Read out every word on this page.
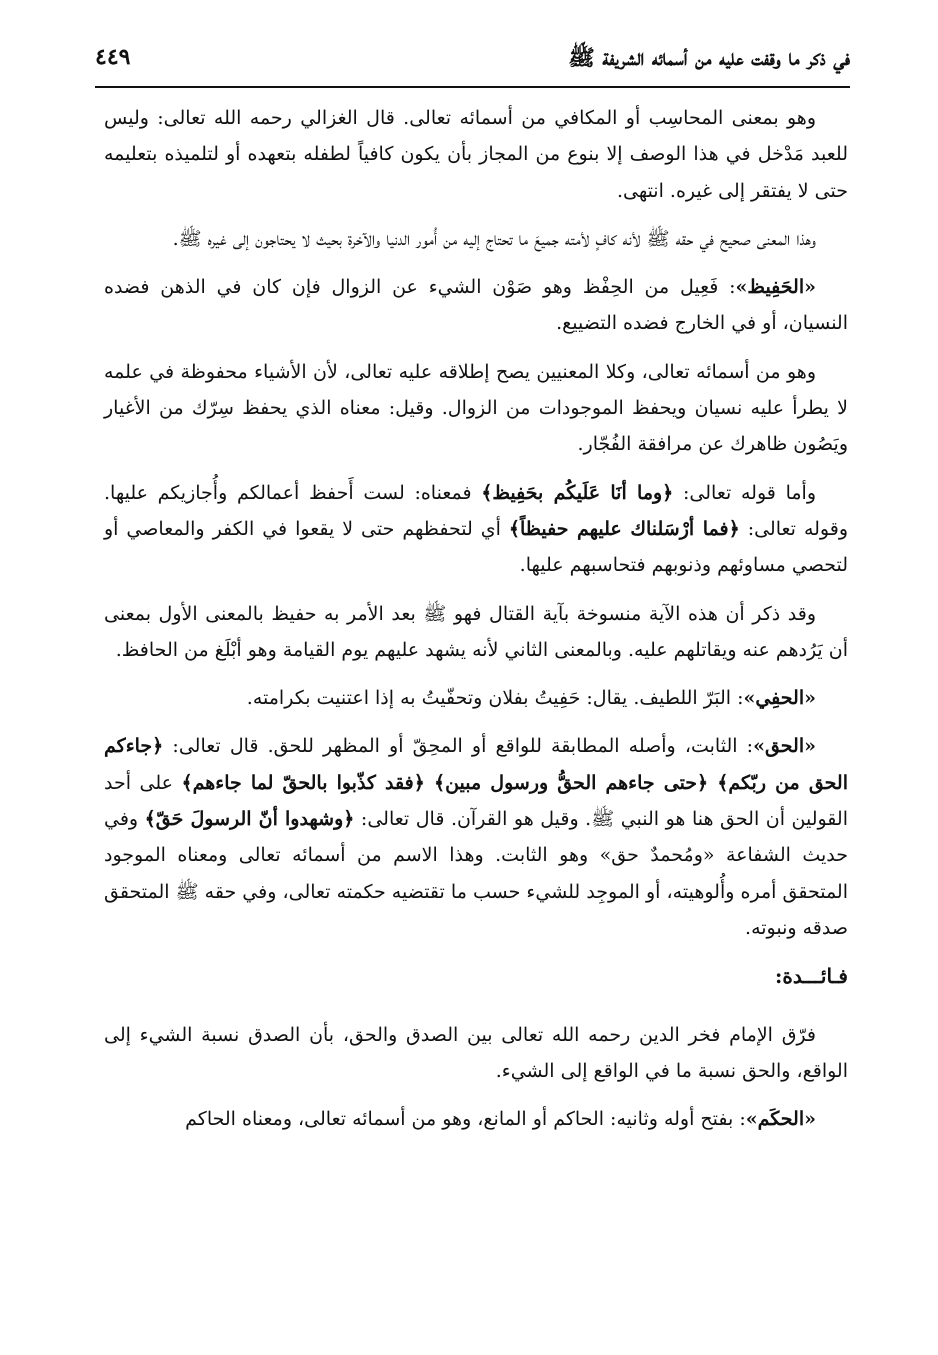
في ذكر ما وقفت عليه من أسمائه الشريفة ﷺ
٤٤٩

وهو بمعنى المحاسِب أو المكافي من أسمائه تعالى. قال الغزالي رحمه الله تعالى: وليس للعبد مَدْخل في هذا الوصف إلا بنوع من المجاز بأن يكون كافياً لطفله بتعهده أو لتلميذه بتعليمه حتى لا يفتقر إلى غيره. انتهى.

وهذا المعنى صحيح في حقه ﷺ لأنه كافٍ لأمته جميعَ ما تحتاج إليه من أُمور الدنيا والآخرة بحيث لا يحتاجون إلى غيره ﷺ.

«الحَفِيظ»: فَعِيل من الحِفْظ وهو صَوْن الشيء عن الزوال فإن كان في الذهن فضده النسيان، أو في الخارج فضده التضييع.

وهو من أسمائه تعالى، وكلا المعنيين يصح إطلاقه عليه تعالى، لأن الأشياء محفوظة في علمه لا يطرأ عليه نسيان ويحفظ الموجودات من الزوال. وقيل: معناه الذي يحفظ سِرّك من الأغيار ويَصُون ظاهرك عن مرافقة الفُجّار.

وأما قوله تعالى: ﴿وما أنَا عَلَيكُم بحَفِيظ﴾ فمعناه: لست أَحفظ أعمالكم وأُجازيكم عليها. وقوله تعالى: ﴿فما أرْسَلناك عليهم حفيظاً﴾ أي لتحفظهم حتى لا يقعوا في الكفر والمعاصي أو لتحصي مساوئهم وذنوبهم فتحاسبهم عليها.

وقد ذكر أن هذه الآية منسوخة بآية القتال فهو ﷺ بعد الأمر به حفيظ بالمعنى الأول بمعنى أن يَرُدهم عنه ويقاتلهم عليه. وبالمعنى الثاني لأنه يشهد عليهم يوم القيامة وهو أبْلَغ من الحافظ.

«الحفِي»: البَرّ اللطيف. يقال: حَفِيتُ بفلان وتحفّيتُ به إذا اعتنيت بكرامته.

«الحق»: الثابت، وأصله المطابقة للواقع أو المحِقّ أو المظهر للحق. قال تعالى: ﴿جاءكم الحق من ربّكم﴾ ﴿حتى جاءهم الحقُّ ورسول مبين﴾ ﴿فقد كذّبوا بالحقّ لما جاءهم﴾ على أحد القولين أن الحق هنا هو النبي ﷺ. وقيل هو القرآن. قال تعالى: ﴿وشهدوا أنّ الرسولَ حَقّ﴾ وفي حديث الشفاعة «ومُحمدٌ حق» وهو الثابت. وهذا الاسم من أسمائه تعالى ومعناه الموجود المتحقق أمره وأُلوهيته، أو الموجِد للشيء حسب ما تقتضيه حكمته تعالى، وفي حقه ﷺ المتحقق صدقه ونبوته.

فـائـــدة:

فرّق الإمام فخر الدين رحمه الله تعالى بين الصدق والحق، بأن الصدق نسبة الشيء إلى الواقع، والحق نسبة ما في الواقع إلى الشيء.

«الحكَم»: بفتح أوله وثانيه: الحاكم أو المانع، وهو من أسمائه تعالى، ومعناه الحاكم
